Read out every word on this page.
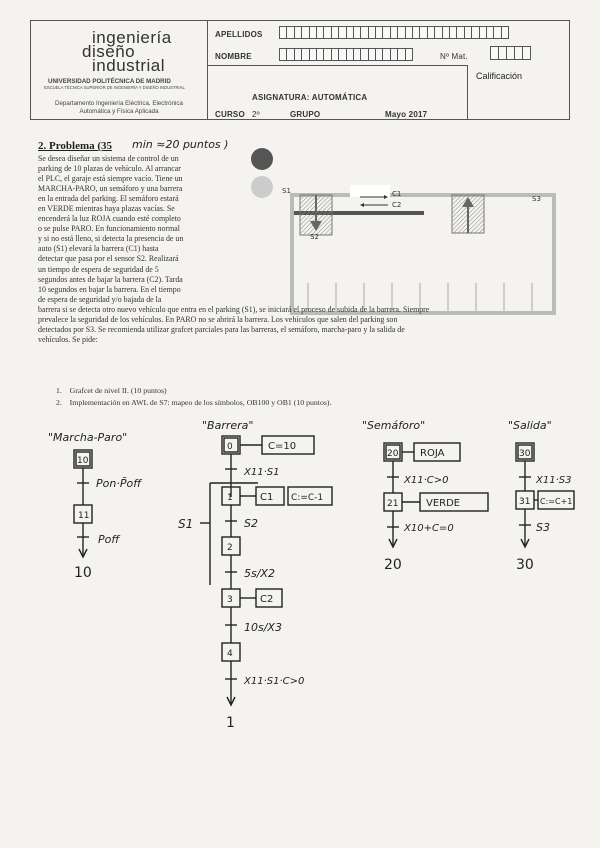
ingeniería
diseño
industrial
UNIVERSIDAD POLITÉCNICA DE MADRID
ESCUELA TÉCNICA SUPERIOR DE INGENIERÍA Y DISEÑO INDUSTRIAL
Departamento Ingeniería Eléctrica, Electrónica
Automática y Física Aplicada
APELLIDOS
NOMBRE	Nº Mat.
Calificación
ASIGNATURA: AUTOMÁTICA
CURSO 2º	GRUPO	Mayo 2017
2. Problema (35 min ≈20 puntos )
Se desea diseñar un sistema de control de un
parking de 10 plazas de vehículo. Al arrancar
el PLC, el garaje está siempre vacío. Tiene un
MARCHA-PARO, un semáforo y una barrera
en la entrada del parking. El semáforo estará
en VERDE mientras haya plazas vacías. Se
encenderá la luz ROJA cuando esté completo
o se pulse PARO. En funcionamiento normal
y si no está lleno, si detecta la presencia de un
auto (S1) elevará la barrera (C1) hasta
detectar que pasa por el sensor S2. Realizará
un tiempo de espera de seguridad de 5
segundos antes de bajar la barrera (C2). Tarda
10 segundos en bajar la barrera. En el tiempo
de espera de seguridad y/o bajada de la
C1
C2
S1
S2
S3
barrera si se detecta otro nuevo vehículo que entra en el parking (S1), se iniciará el proceso de subida de la barrera. Siempre
prevalece la seguridad de los vehículos. En PARO no se abrirá la barrera. Los vehículos que salen del parking son
detectados por S3. Se recomienda utilizar grafcet parciales para las barreras, el semáforo, marcha-paro y la salida de
vehículos. Se pide:
1. Grafcet de nivel II. (10 puntos)
2. Implementación en AWL de S7: mapeo de los símbolos, OB100 y OB1 (10 puntos).
"Marcha-Paro"
10
Pon·P̄off
11
Poff
10
"Barrera"
0	C=10
X11·S1
1	C1 C:=C-1
S1	S2
2
5s/X2
3	C2
10s/X3
4
X11·S1·C>0
1
"Semáforo"
20 ROJA
X11·C>0
21	VERDE
X10+C=0
20
"Salida"
30
X11·S3
31 C:=C+1
S3
30
